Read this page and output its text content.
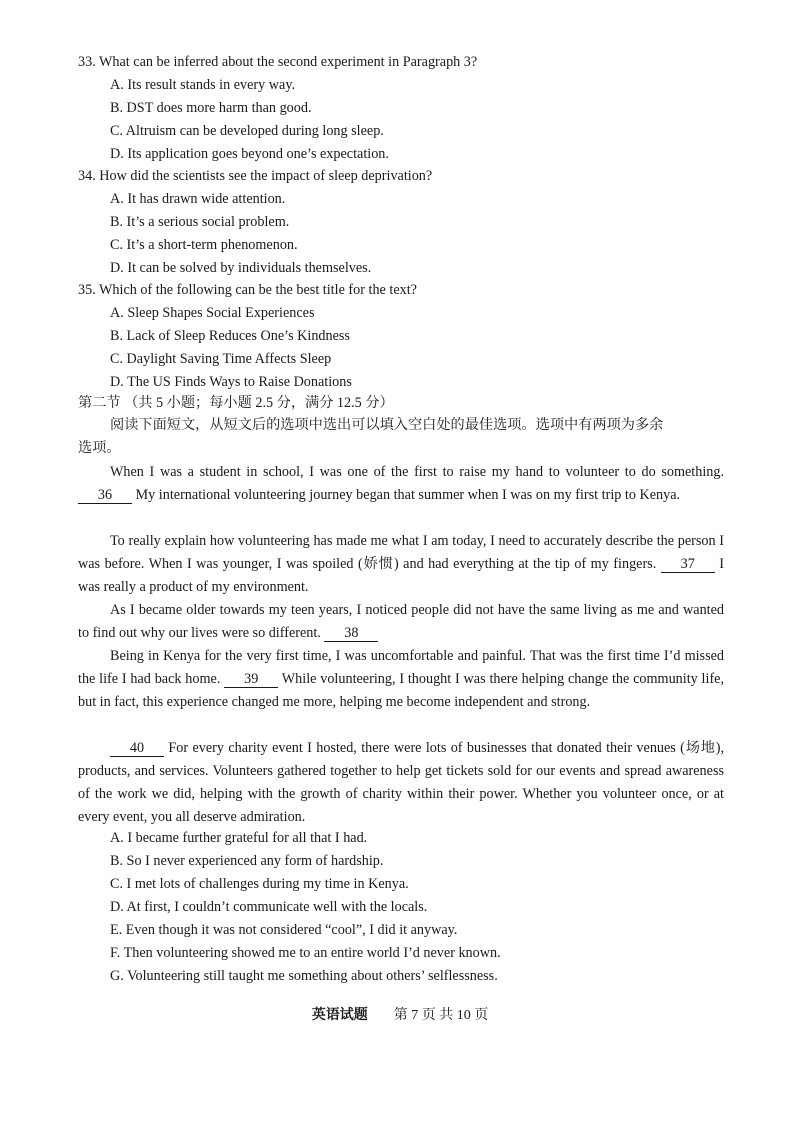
33. What can be inferred about the second experiment in Paragraph 3?
A. Its result stands in every way.
B. DST does more harm than good.
C. Altruism can be developed during long sleep.
D. Its application goes beyond one’s expectation.
34. How did the scientists see the impact of sleep deprivation?
A. It has drawn wide attention.
B. It’s a serious social problem.
C. It’s a short-term phenomenon.
D. It can be solved by individuals themselves.
35. Which of the following can be the best title for the text?
A. Sleep Shapes Social Experiences
B. Lack of Sleep Reduces One’s Kindness
C. Daylight Saving Time Affects Sleep
D. The US Finds Ways to Raise Donations
第二节 （共 5 小题；每小题 2.5 分，满分 12.5 分）
阅读下面短文，从短文后的选项中选出可以填入空白处的最佳选项。选项中有两项为多余
选项。

When I was a student in school, I was one of the first to raise my hand to volunteer to do something. 36 My international volunteering journey began that summer when I was on my first trip to Kenya.

To really explain how volunteering has made me what I am today, I need to accurately describe the person I was before. When I was younger, I was spoiled (娇惯) and had everything at the tip of my fingers. 37 I was really a product of my environment.

As I became older towards my teen years, I noticed people did not have the same living as me and wanted to find out why our lives were so different. 38

Being in Kenya for the very first time, I was uncomfortable and painful. That was the first time I’d missed the life I had back home. 39 While volunteering, I thought I was there helping change the community life, but in fact, this experience changed me more, helping me become independent and strong.

40 For every charity event I hosted, there were lots of businesses that donated their venues (场地), products, and services. Volunteers gathered together to help get tickets sold for our events and spread awareness of the work we did, helping with the growth of charity within their power. Whether you volunteer once, or at every event, you all deserve admiration.

A. I became further grateful for all that I had.
B. So I never experienced any form of hardship.
C. I met lots of challenges during my time in Kenya.
D. At first, I couldn’t communicate well with the locals.
E. Even though it was not considered “cool”, I did it anyway.
F. Then volunteering showed me to an entire world I’d never known.
G. Volunteering still taught me something about others’ selflessness.
英语试题 第 7 页 共 10 页
